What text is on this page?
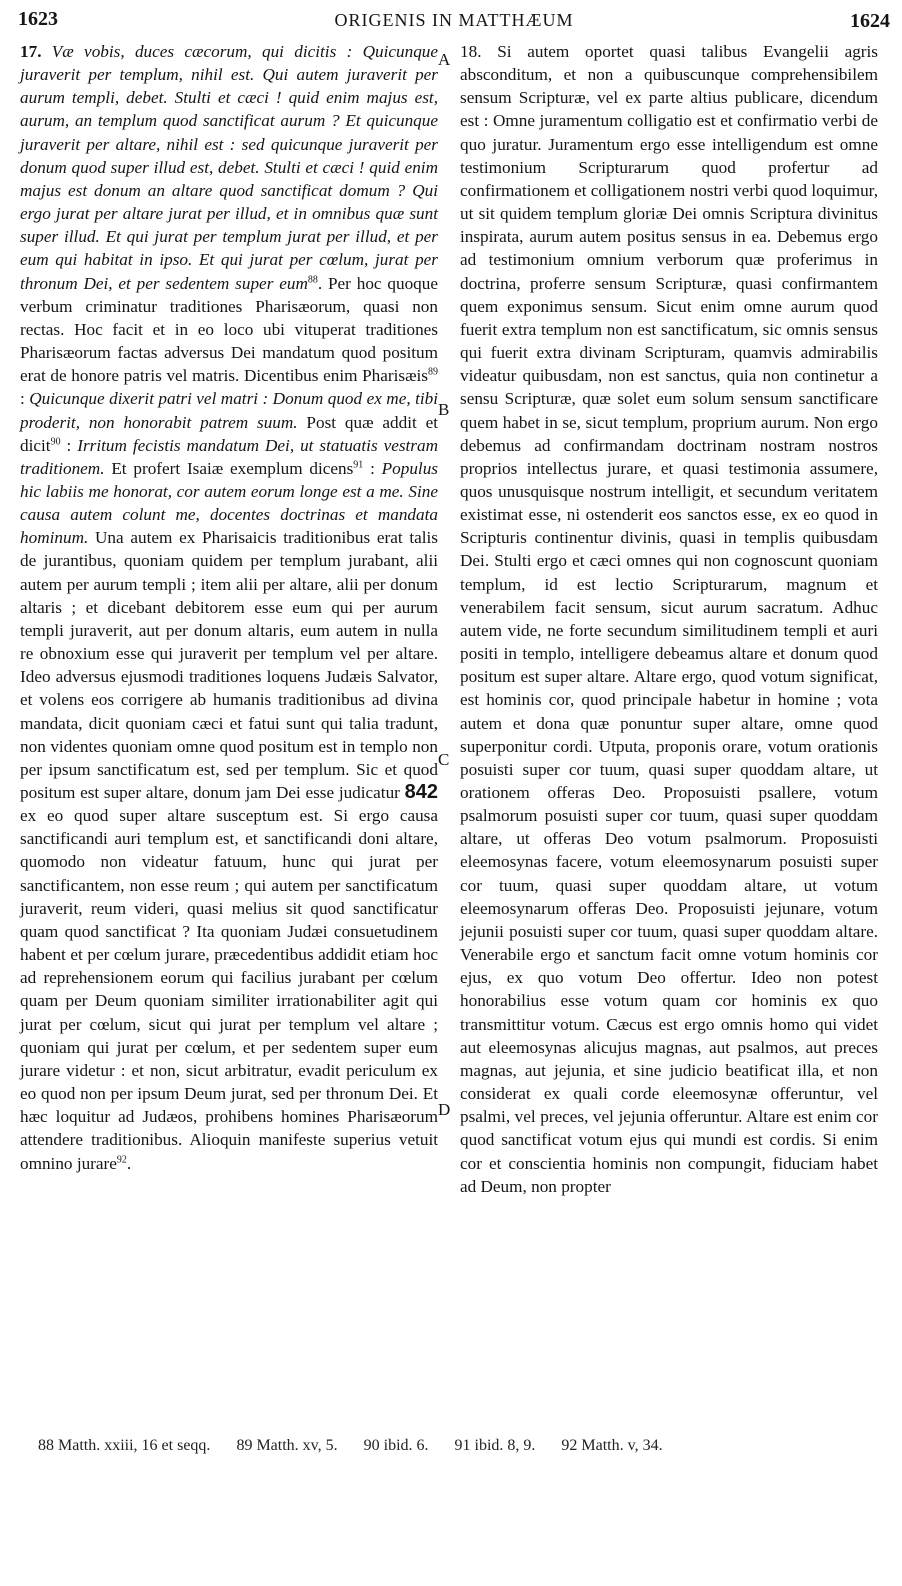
1623	ORIGENIS IN MATTHÆUM	1624

17. Væ vobis, duces cæcorum, qui dicitis : Quicunque juraverit per templum, nihil est. Qui autem juraverit per aurum templi, debet. Stulti et cæci ! quid enim majus est, aurum, an templum quod sanctificat aurum ? Et quicunque juraverit per altare, nihil est : sed quicunque juraverit per donum quod super illud est, debet. Stulti et cæci ! quid enim majus est donum an altare quod sanctificat domum ? Qui ergo jurat per altare jurat per illud, et in omnibus quæ sunt super illud. Et qui jurat per templum jurat per illud, et per eum qui habitat in ipso. Et qui jurat per cœlum, jurat per thronum Dei, et per sedentem super eum$^{88}$. Per hoc quoque verbum criminatur traditiones Pharisæorum, quasi non rectas. Hoc facit et in eo loco ubi vituperat traditiones Pharisæorum factas adversus Dei mandatum quod positum erat de honore patris vel matris. Dicentibus enim Pharisæis$^{89}$ : Quicunque dixerit patri vel matri : Donum quod ex me, tibi proderit, non honorabit patrem suum. Post quæ addit et dicit$^{90}$ : Irritum fecistis mandatum Dei, ut statuatis vestram traditionem. Et profert Isaiæ exemplum dicens$^{91}$ : Populus hic labiis me honorat, cor autem eorum longe est a me. Sine causa autem colunt me, docentes doctrinas et mandata hominum. Una autem ex Pharisaicis traditionibus erat talis de jurantibus, quoniam quidem per templum jurabant, alii autem per aurum templi ; item alii per altare, alii per donum altaris ; et dicebant debitorem esse eum qui per aurum templi juraverit, aut per donum altaris, eum autem in nulla re obnoxium esse qui juraverit per templum vel per altare. Ideo adversus ejusmodi traditiones loquens Judæis Salvator, et volens eos corrigere ab humanis traditionibus ad divina mandata, dicit quoniam cæci et fatui sunt qui talia tradunt, non videntes quoniam omne quod positum est in templo non per ipsum sanctificatum est, sed per templum. Sic et quod positum est super altare, donum jam Dei esse judicatur 842 ex eo quod super altare susceptum est. Si ergo causa sanctificandi auri templum est, et sanctificandi doni altare, quomodo non videatur fatuum, hunc qui jurat per sanctificantem, non esse reum ; qui autem per sanctificatum juraverit, reum videri, quasi melius sit quod sanctificatur quam quod sanctificat ? Ita quoniam Judæi consuetudinem habent et per cœlum jurare, præcedentibus addidit etiam hoc ad reprehensionem eorum qui facilius jurabant per cœlum quam per Deum quoniam similiter irrationabiliter agit qui jurat per cœlum, sicut qui jurat per templum vel altare ; quoniam qui jurat per cœlum, et per sedentem super eum jurare videtur : et non, sicut arbitratur, evadit periculum ex eo quod non per ipsum Deum jurat, sed per thronum Dei. Et hæc loquitur ad Judæos, prohibens homines Pharisæorum attendere traditionibus. Alioquin manifeste superius vetuit omnino jurare$^{92}$.

A
B
C
D

18. Si autem oportet quasi talibus Evangelii agris absconditum, et non a quibuscunque comprehensibilem sensum Scripturæ, vel ex parte altius publicare, dicendum est : Omne juramentum colligatio est et confirmatio verbi de quo juratur. Juramentum ergo esse intelligendum est omne testimonium Scripturarum quod profertur ad confirmationem et colligationem nostri verbi quod loquimur, ut sit quidem templum gloriæ Dei omnis Scriptura divinitus inspirata, aurum autem positus sensus in ea. Debemus ergo ad testimonium omnium verborum quæ proferimus in doctrina, proferre sensum Scripturæ, quasi confirmantem quem exponimus sensum. Sicut enim omne aurum quod fuerit extra templum non est sanctificatum, sic omnis sensus qui fuerit extra divinam Scripturam, quamvis admirabilis videatur quibusdam, non est sanctus, quia non continetur a sensu Scripturæ, quæ solet eum solum sensum sanctificare quem habet in se, sicut templum, proprium aurum. Non ergo debemus ad confirmandam doctrinam nostram nostros proprios intellectus jurare, et quasi testimonia assumere, quos unusquisque nostrum intelligit, et secundum veritatem existimat esse, ni ostenderit eos sanctos esse, ex eo quod in Scripturis continentur divinis, quasi in templis quibusdam Dei. Stulti ergo et cæci omnes qui non cognoscunt quoniam templum, id est lectio Scripturarum, magnum et venerabilem facit sensum, sicut aurum sacratum. Adhuc autem vide, ne forte secundum similitudinem templi et auri positi in templo, intelligere debeamus altare et donum quod positum est super altare. Altare ergo, quod votum significat, est hominis cor, quod principale habetur in homine ; vota autem et dona quæ ponuntur super altare, omne quod superponitur cordi. Utputa, proponis orare, votum orationis posuisti super cor tuum, quasi super quoddam altare, ut orationem offeras Deo. Proposuisti psallere, votum psalmorum posuisti super cor tuum, quasi super quoddam altare, ut offeras Deo votum psalmorum. Proposuisti eleemosynas facere, votum eleemosynarum posuisti super cor tuum, quasi super quoddam altare, ut votum eleemosynarum offeras Deo. Proposuisti jejunare, votum jejunii posuisti super cor tuum, quasi super quoddam altare. Venerabile ergo et sanctum facit omne votum hominis cor ejus, ex quo votum Deo offertur. Ideo non potest honorabilius esse votum quam cor hominis ex quo transmittitur votum. Cæcus est ergo omnis homo qui videt aut eleemosynas alicujus magnas, aut psalmos, aut preces magnas, aut jejunia, et sine judicio beatificat illa, et non considerat ex quali corde eleemosynæ offeruntur, vel psalmi, vel preces, vel jejunia offeruntur. Altare est enim cor quod sanctificat votum ejus qui mundi est cordis. Si enim cor et conscientia hominis non compungit, fiduciam habet ad Deum, non propter

88 Matth. xxiii, 16 et seqq. 89 Matth. xv, 5. 90 ibid. 6. 91 ibid. 8, 9. 92 Matth. v, 34.
